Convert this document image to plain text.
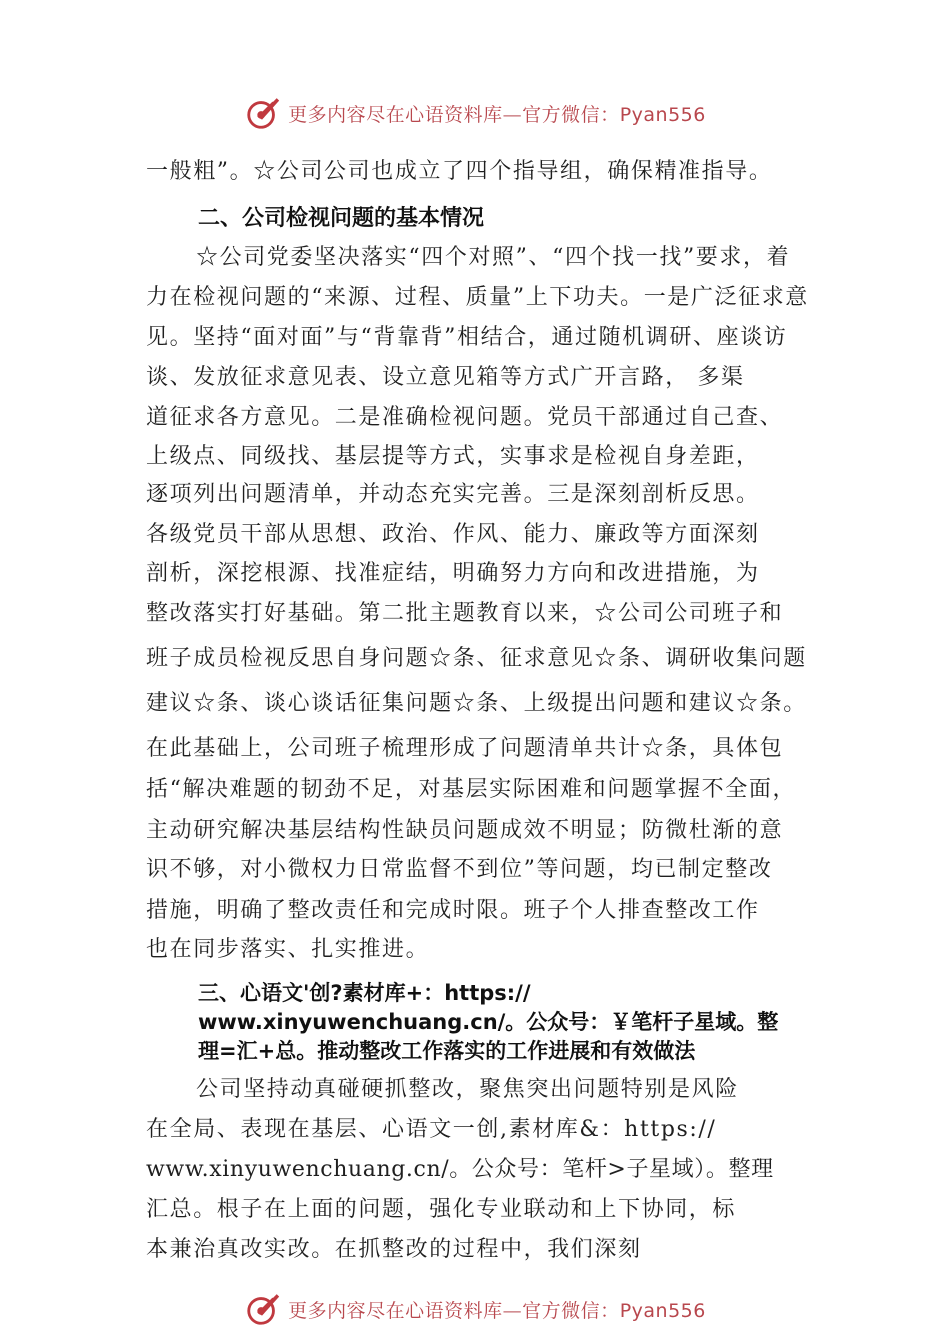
更多内容尽在心语资料库—官方微信：Pyan556
一般粗”。☆公司公司也成立了四个指导组，确保精准指导。
二、公司检视问题的基本情况
☆公司党委坚决落实“四个对照”、“四个找一找”要求，着
力在检视问题的“来源、过程、质量”上下功夫。一是广泛征求意
见。坚持“面对面”与“背靠背”相结合，通过随机调研、座谈访
谈、发放征求意见表、设立意见箱等方式广开言路， 多渠
道征求各方意见。二是准确检视问题。党员干部通过自己查、
上级点、同级找、基层提等方式，实事求是检视自身差距，
逐项列出问题清单，并动态充实完善。三是深刻剖析反思。
各级党员干部从思想、政治、作风、能力、廉政等方面深刻
剖析，深挖根源、找准症结，明确努力方向和改进措施，为
整改落实打好基础。第二批主题教育以来，☆公司公司班子和
班子成员检视反思自身问题☆条、征求意见☆条、调研收集问题
建议☆条、谈心谈话征集问题☆条、上级提出问题和建议☆条。
在此基础上，公司班子梳理形成了问题清单共计☆条，具体包
括“解决难题的韧劲不足，对基层实际困难和问题掌握不全面，
主动研究解决基层结构性缺员问题成效不明显；防微杜渐的意
识不够，对小微权力日常监督不到位”等问题，均已制定整改
措施，明确了整改责任和完成时限。班子个人排查整改工作
也在同步落实、扎实推进。
三、心语文'创?素材库+：https://
www.xinyuwenchuang.cn/。公众号：￥笔杆子星域。整
理=汇+总。推动整改工作落实的工作进展和有效做法
公司坚持动真碰硬抓整改，聚焦突出问题特别是风险
在全局、表现在基层、心语文一创,素材库&：https://
www.xinyuwenchuang.cn/。公众号：笔杆>子星域）。整理
汇总。根子在上面的问题，强化专业联动和上下协同，标
本兼治真改实改。在抓整改的过程中，我们深刻
更多内容尽在心语资料库—官方微信：Pyan556
